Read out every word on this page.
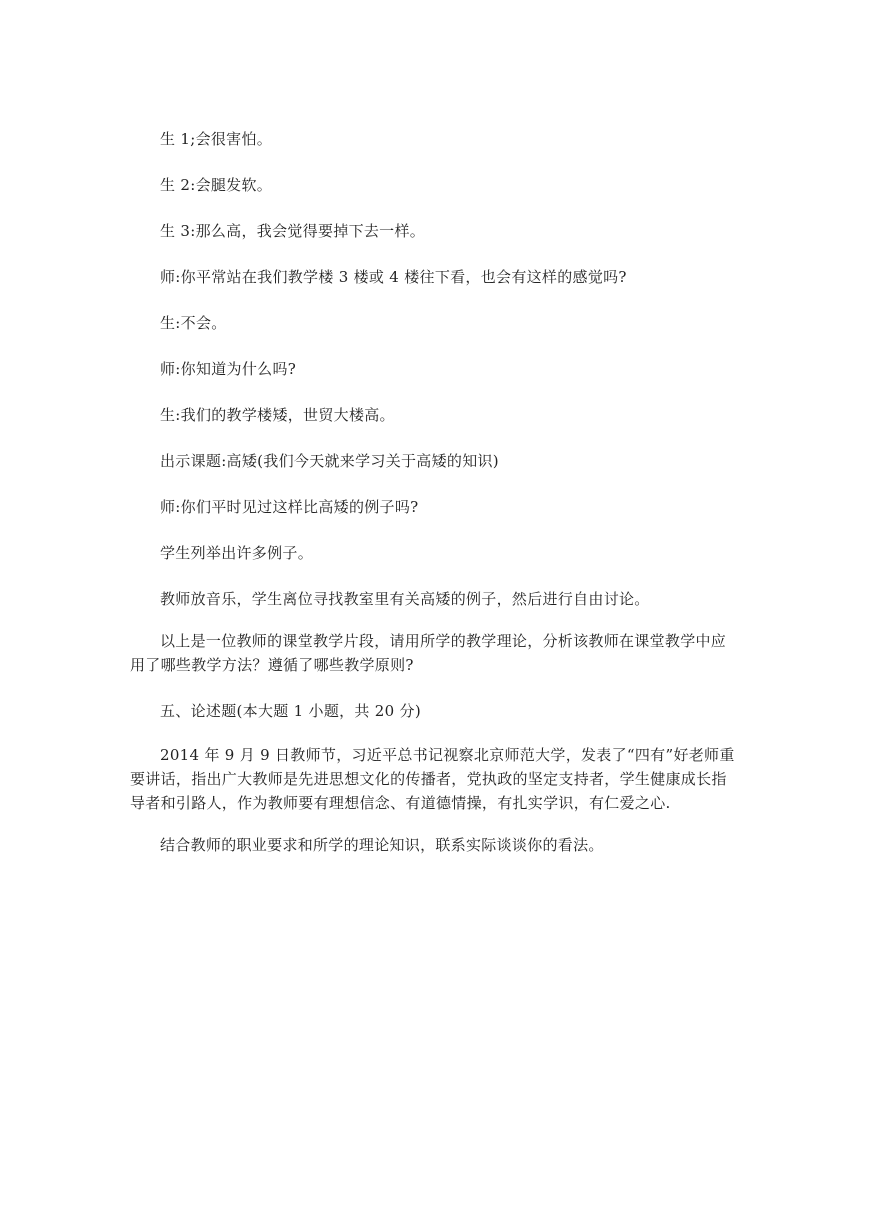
生 1;会很害怕。

生 2:会腿发软。

生 3:那么高，我会觉得要掉下去一样。

师:你平常站在我们教学楼 3 楼或 4 楼往下看，也会有这样的感觉吗?

生:不会。

师:你知道为什么吗?

生:我们的教学楼矮，世贸大楼高。

出示课题:高矮(我们今天就来学习关于高矮的知识)

师:你们平时见过这样比高矮的例子吗?

学生列举出许多例子。

教师放音乐，学生离位寻找教室里有关高矮的例子，然后进行自由讨论。

以上是一位教师的课堂教学片段，请用所学的教学理论，分析该教师在课堂教学中应用了哪些教学方法？遵循了哪些教学原则?

五、论述题(本大题 1 小题，共 20 分)

2014 年 9 月 9 日教师节，习近平总书记视察北京师范大学，发表了“四有”好老师重要讲话，指出广大教师是先进思想文化的传播者，党执政的坚定支持者，学生健康成长指导者和引路人，作为教师要有理想信念、有道德情操，有扎实学识，有仁爱之心.

结合教师的职业要求和所学的理论知识，联系实际谈谈你的看法。
